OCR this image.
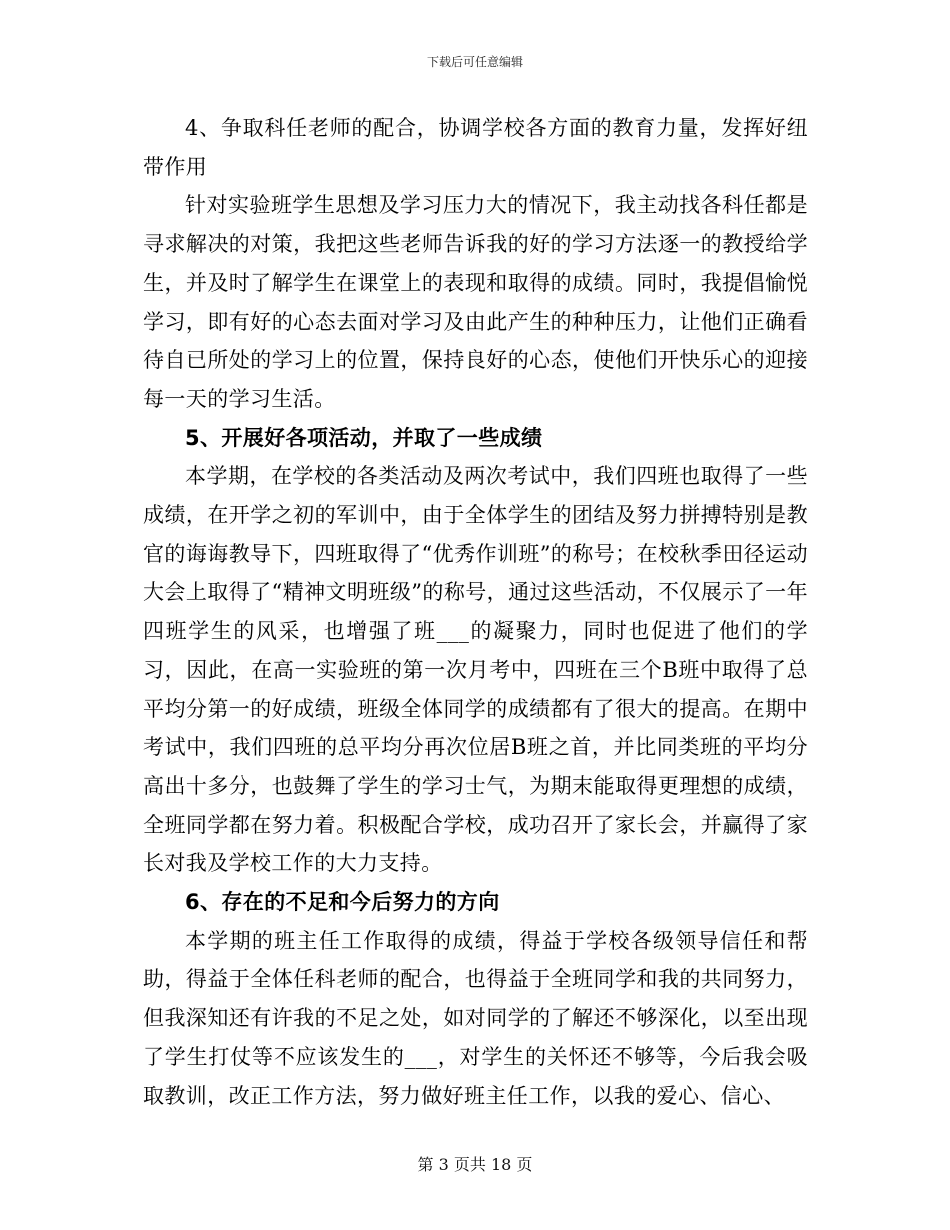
下载后可任意编辑

4、争取科任老师的配合，协调学校各方面的教育力量，发挥好纽带作用

针对实验班学生思想及学习压力大的情况下，我主动找各科任都是寻求解决的对策，我把这些老师告诉我的好的学习方法逐一的教授给学生，并及时了解学生在课堂上的表现和取得的成绩。同时，我提倡愉悦学习，即有好的心态去面对学习及由此产生的种种压力，让他们正确看待自已所处的学习上的位置，保持良好的心态，使他们开快乐心的迎接每一天的学习生活。

5、开展好各项活动，并取了一些成绩

本学期，在学校的各类活动及两次考试中，我们四班也取得了一些成绩，在开学之初的军训中，由于全体学生的团结及努力拼搏特别是教官的诲诲教导下，四班取得了“优秀作训班”的称号；在校秋季田径运动大会上取得了“精神文明班级”的称号，通过这些活动，不仅展示了一年四班学生的风采，也增强了班___的凝聚力，同时也促进了他们的学习，因此，在高一实验班的第一次月考中，四班在三个B班中取得了总平均分第一的好成绩，班级全体同学的成绩都有了很大的提高。在期中考试中，我们四班的总平均分再次位居B班之首，并比同类班的平均分高出十多分，也鼓舞了学生的学习士气，为期末能取得更理想的成绩，全班同学都在努力着。积极配合学校，成功召开了家长会，并赢得了家长对我及学校工作的大力支持。

6、存在的不足和今后努力的方向

本学期的班主任工作取得的成绩，得益于学校各级领导信任和帮助，得益于全体任科老师的配合，也得益于全班同学和我的共同努力，但我深知还有许我的不足之处，如对同学的了解还不够深化，以至出现了学生打仗等不应该发生的___，对学生的关怀还不够等，今后我会吸取教训，改正工作方法，努力做好班主任工作，以我的爱心、信心、

第 3 页共 18 页
